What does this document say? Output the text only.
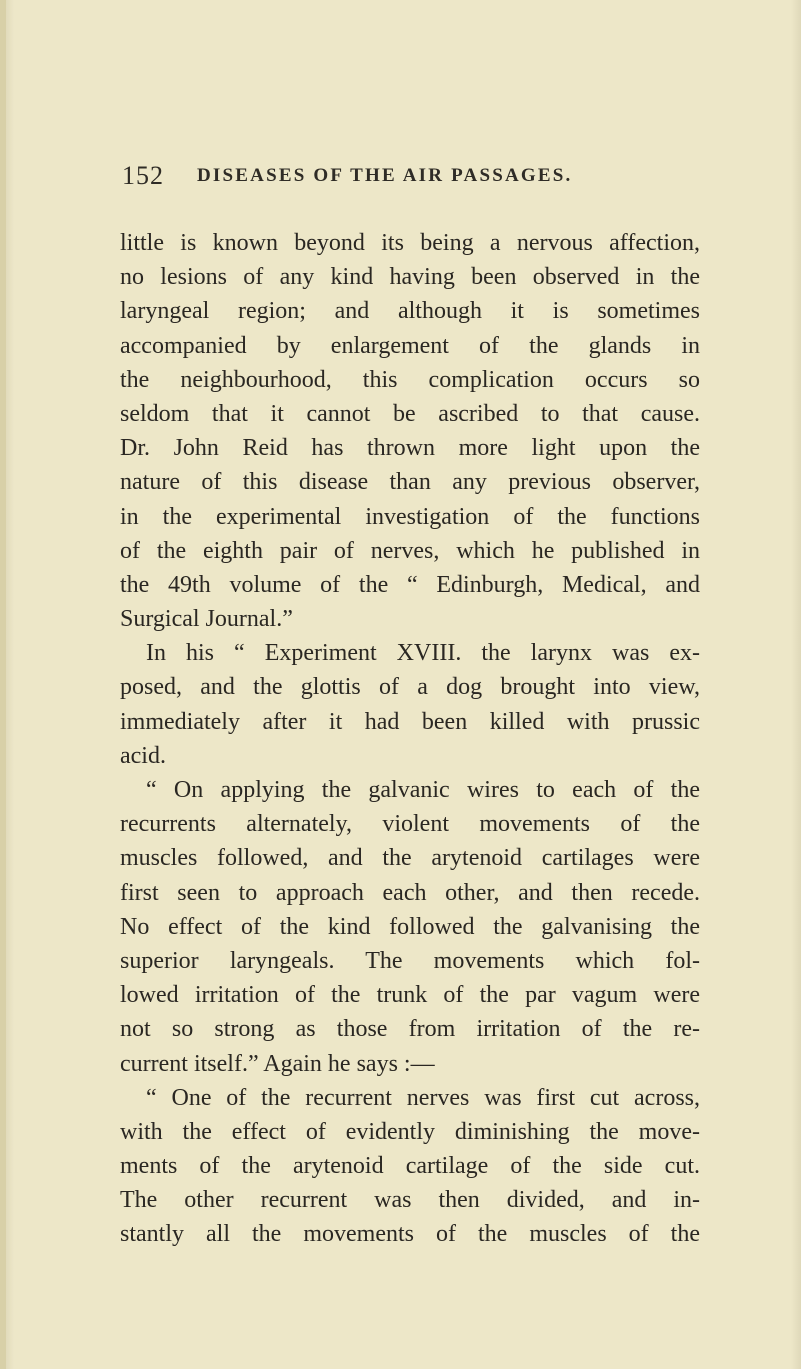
152 DISEASES OF THE AIR PASSAGES.
little is known beyond its being a nervous affection,
no lesions of any kind having been observed in the
laryngeal region; and although it is sometimes
accompanied by enlargement of the glands in
the neighbourhood, this complication occurs so
seldom that it cannot be ascribed to that cause.
Dr. John Reid has thrown more light upon the
nature of this disease than any previous observer,
in the experimental investigation of the functions
of the eighth pair of nerves, which he published in
the 49th volume of the “ Edinburgh, Medical, and
Surgical Journal.”
In his “ Experiment XVIII. the larynx was ex-
posed, and the glottis of a dog brought into view,
immediately after it had been killed with prussic
acid.
“ On applying the galvanic wires to each of the
recurrents alternately, violent movements of the
muscles followed, and the arytenoid cartilages were
first seen to approach each other, and then recede.
No effect of the kind followed the galvanising the
superior laryngeals. The movements which fol-
lowed irritation of the trunk of the par vagum were
not so strong as those from irritation of the re-
current itself.” Again he says :—
“ One of the recurrent nerves was first cut across,
with the effect of evidently diminishing the move-
ments of the arytenoid cartilage of the side cut.
The other recurrent was then divided, and in-
stantly all the movements of the muscles of the
